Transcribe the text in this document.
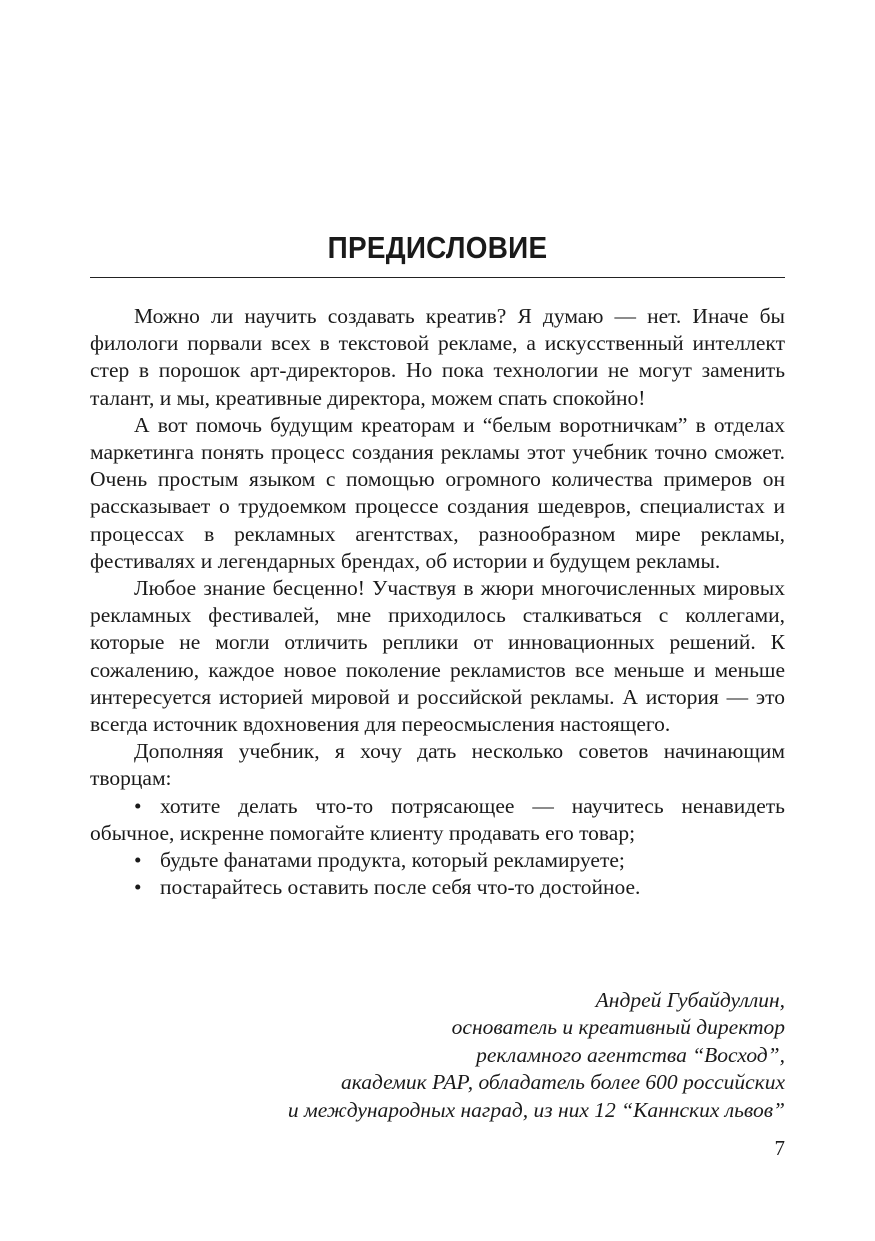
ПРЕДИСЛОВИЕ

Можно ли научить создавать креатив? Я думаю — нет. Иначе бы филологи порвали всех в текстовой рекламе, а искусственный интеллект стер в порошок арт-директоров. Но пока технологии не могут заменить талант, и мы, креативные директора, можем спать спокойно!

А вот помочь будущим креаторам и “белым воротничкам” в отделах маркетинга понять процесс создания рекламы этот учебник точно сможет. Очень простым языком с помощью огромного количества примеров он рассказывает о трудоемком процессе создания шедевров, специалистах и процессах в рекламных агентствах, разнообразном мире рекламы, фестивалях и легендарных брендах, об истории и будущем рекламы.

Любое знание бесценно! Участвуя в жюри многочисленных мировых рекламных фестивалей, мне приходилось сталкиваться с коллегами, которые не могли отличить реплики от инновационных решений. К сожалению, каждое новое поколение рекламистов все меньше и меньше интересуется историей мировой и российской рекламы. А история — это всегда источник вдохновения для переосмысления настоящего.

Дополняя учебник, я хочу дать несколько советов начинающим творцам:

• хотите делать что-то потрясающее — научитесь ненавидеть обычное, искренне помогайте клиенту продавать его товар;
• будьте фанатами продукта, который рекламируете;
• постарайтесь оставить после себя что-то достойное.

Андрей Губайдуллин,

основатель и креативный директор

рекламного агентства “Восход”,

академик РАР, обладатель более 600 российских

и международных наград, из них 12 “Каннских львов”

7
